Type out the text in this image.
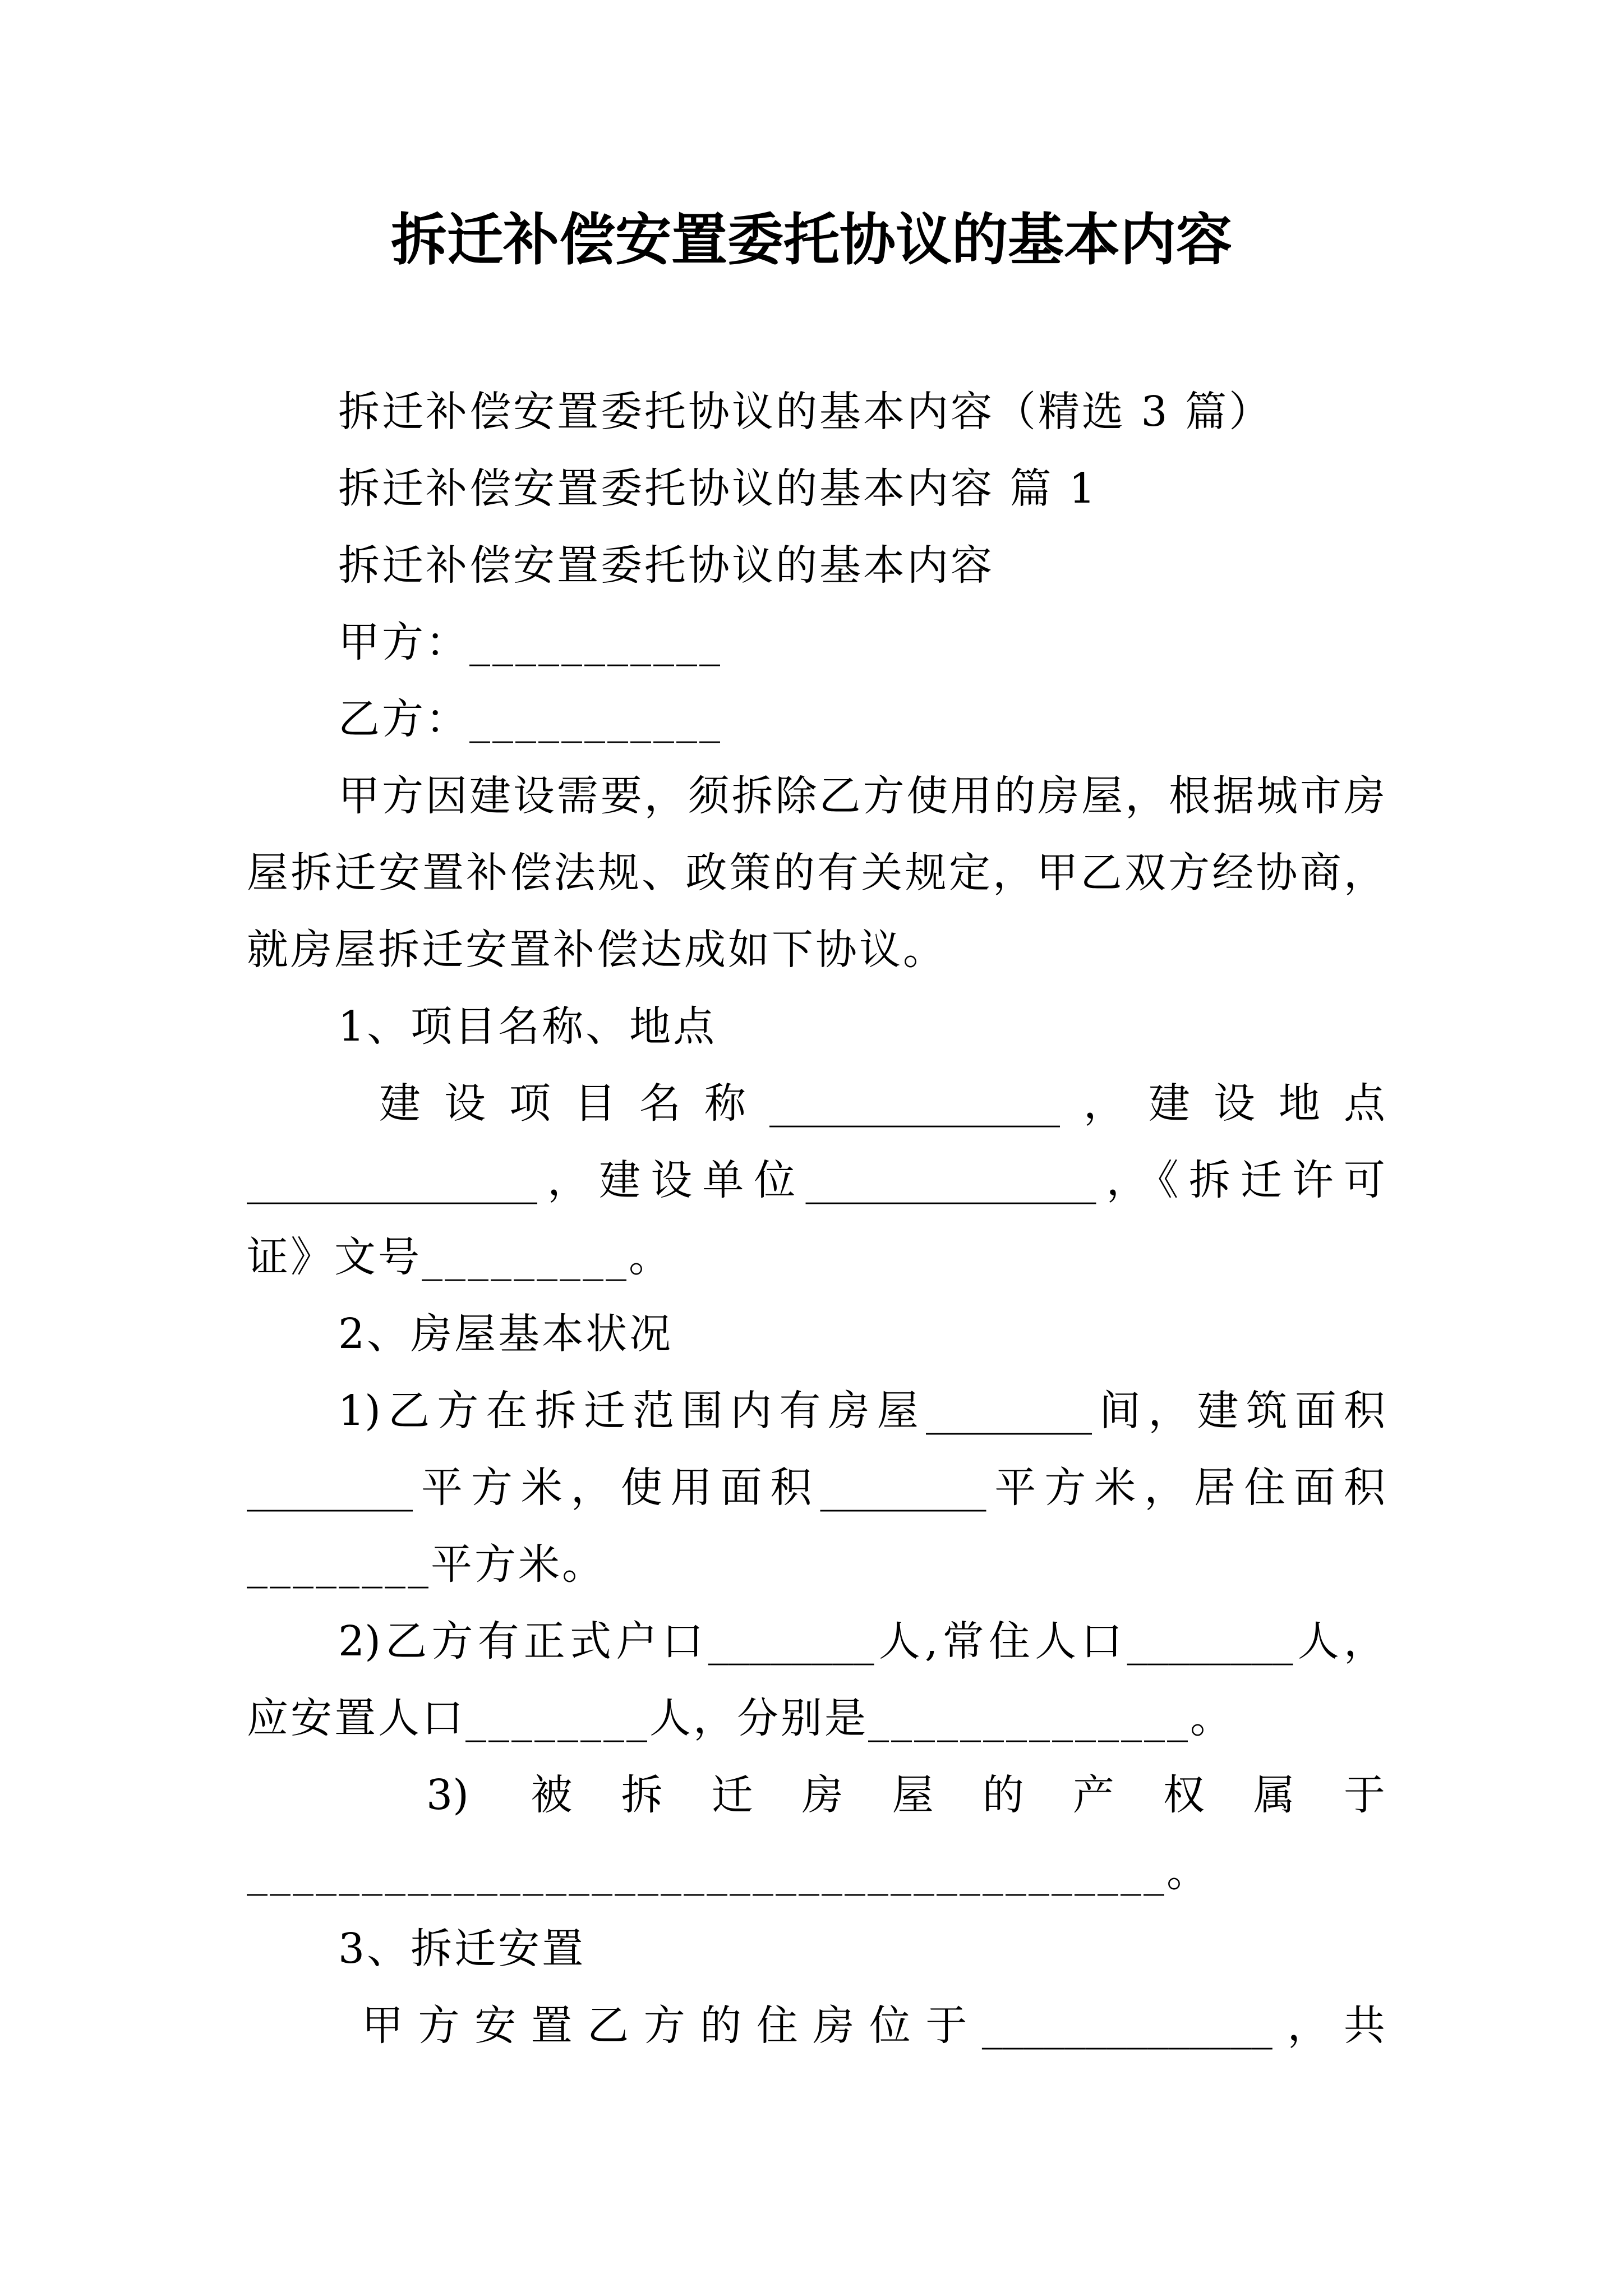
拆迁补偿安置委托协议的基本内容
拆迁补偿安置委托协议的基本内容（精选 3 篇）
拆迁补偿安置委托协议的基本内容 篇 1
拆迁补偿安置委托协议的基本内容
甲方：___________
乙方：___________
甲方因建设需要，须拆除乙方使用的房屋，根据城市房
屋拆迁安置补偿法规、政策的有关规定，甲乙双方经协商，
就房屋拆迁安置补偿达成如下协议。
1、项目名称、地点
建设项目名称______________，建设地点
______________，建设单位______________，《拆迁许可
证》文号_________。
2、房屋基本状况
1)乙方在拆迁范围内有房屋________间，建筑面积
________平方米，使用面积________平方米，居住面积
________平方米。
2)乙方有正式户口________人,常住人口________人，
应安置人口________人，分别是______________。
3) 被拆迁房屋的产权属于
________________________________________。
3、拆迁安置
甲方安置乙方的住房位于______________，共
